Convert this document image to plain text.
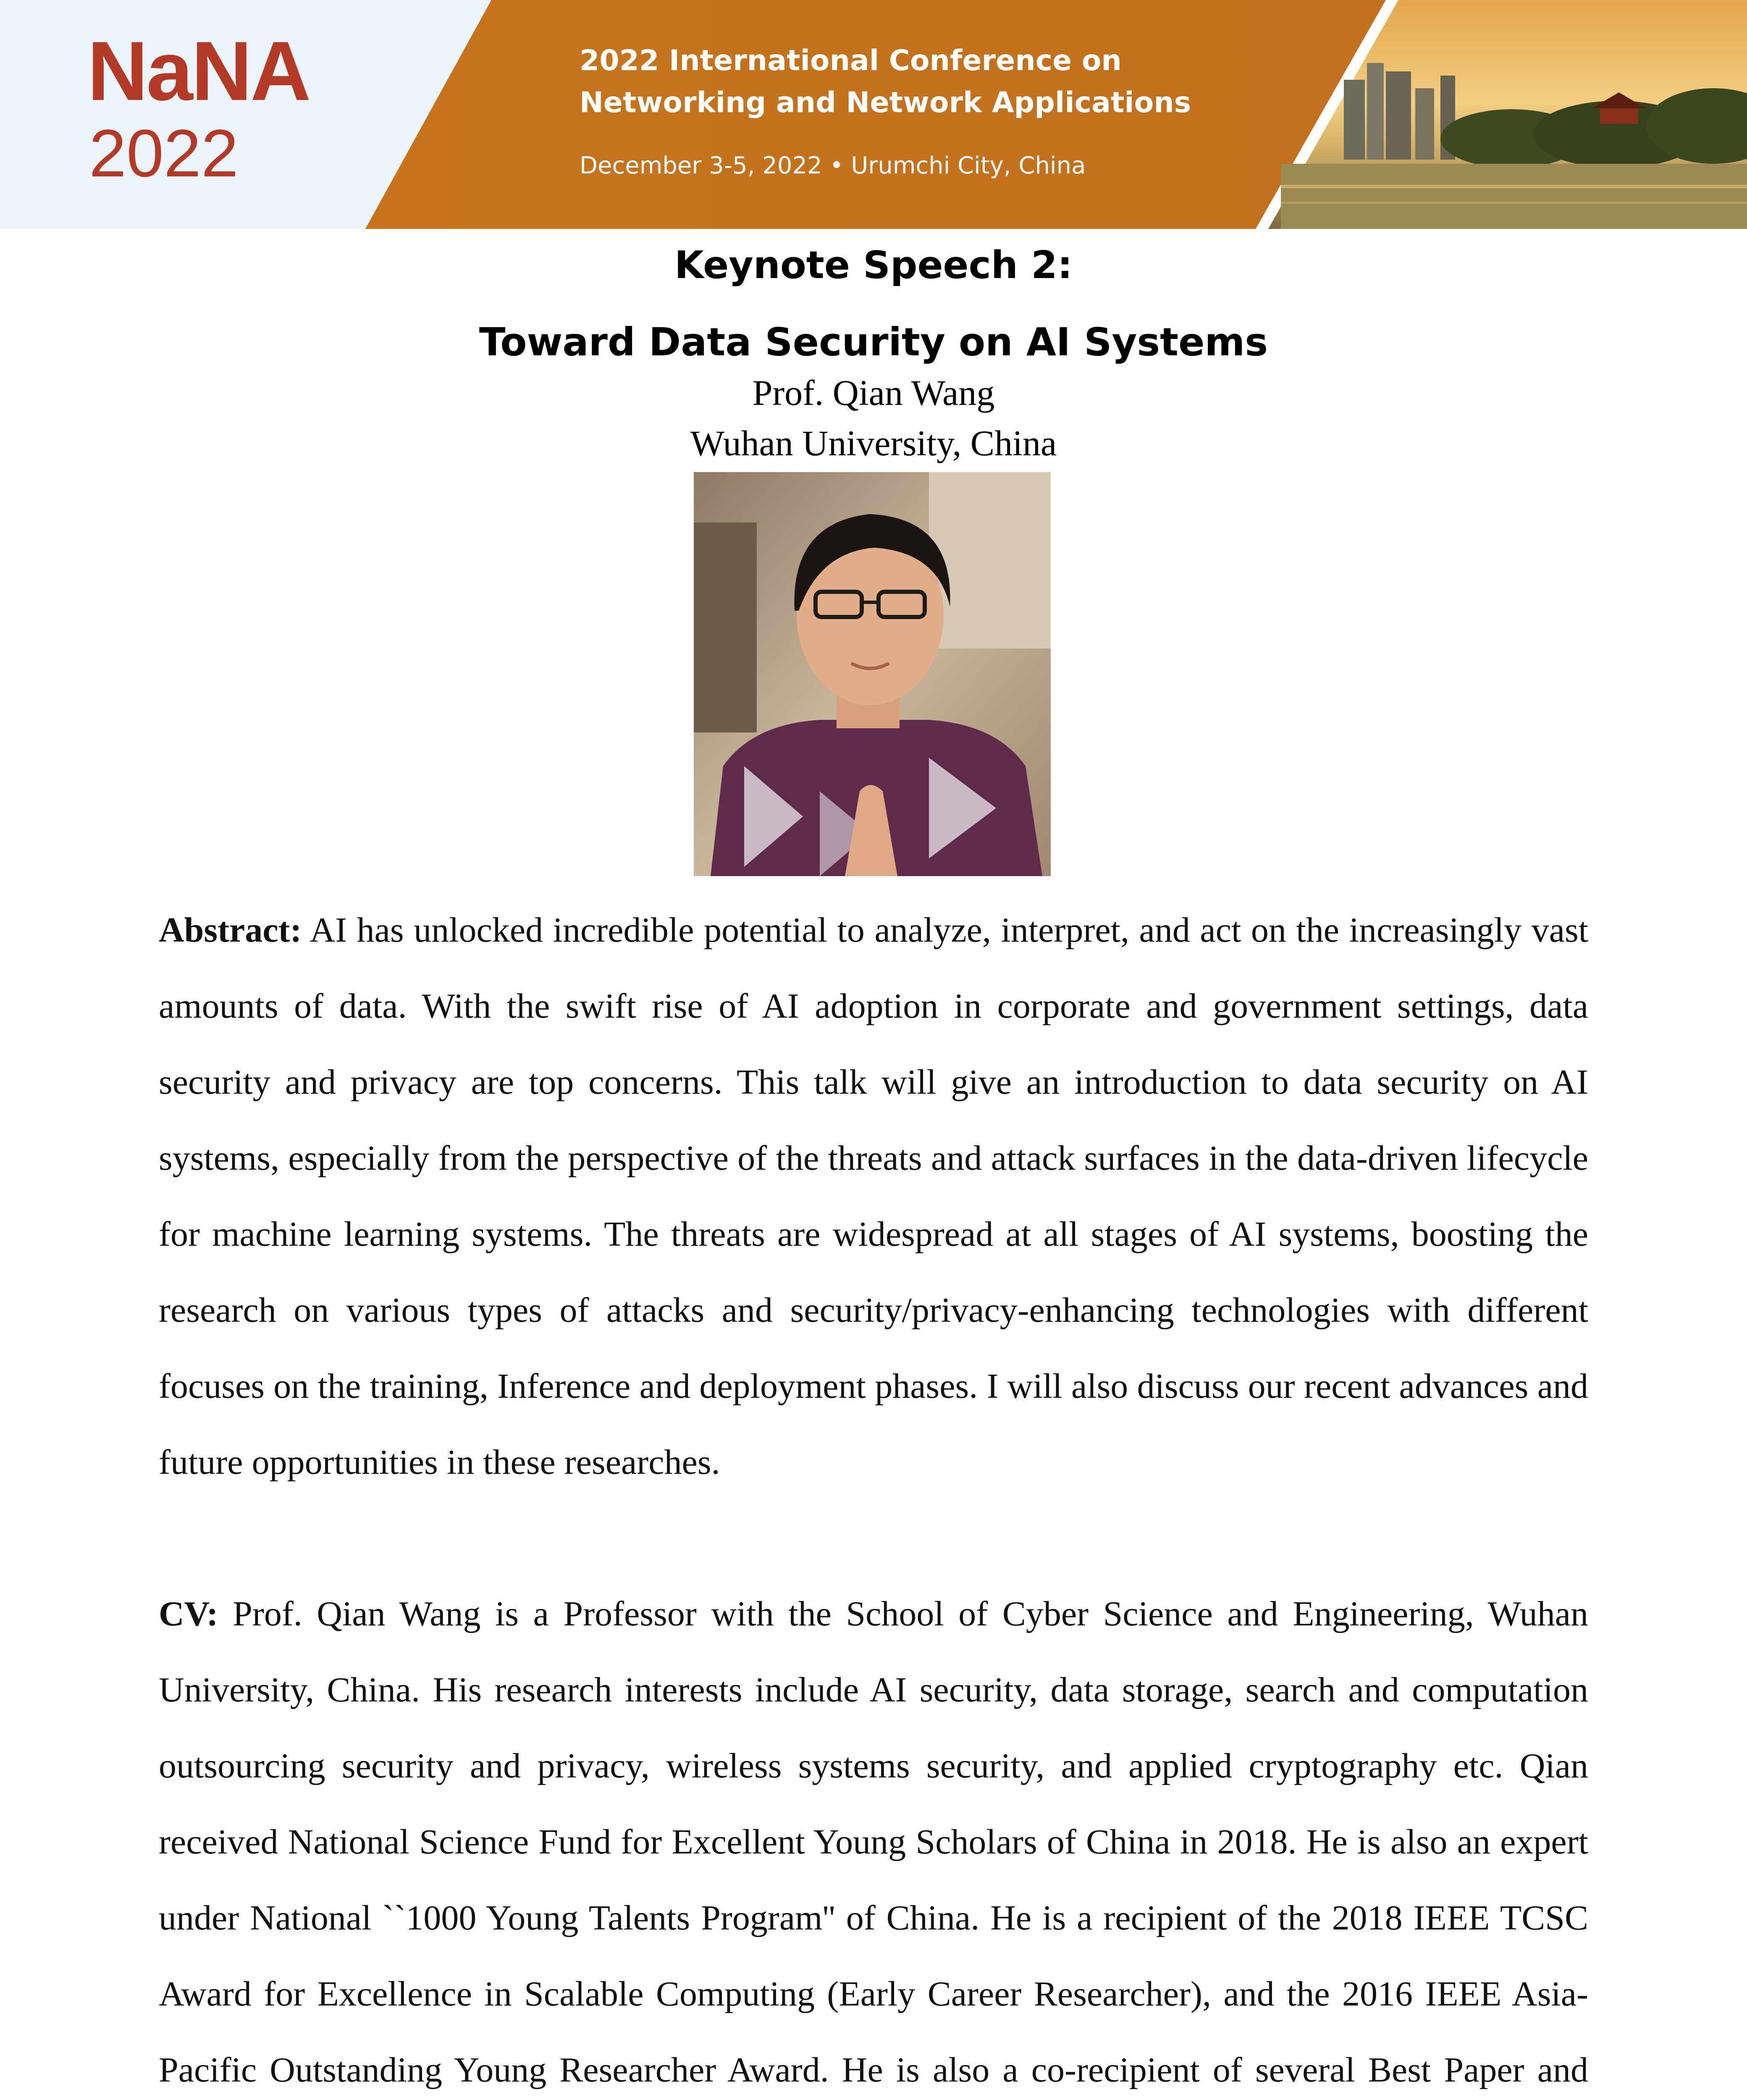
NaNA
2022
2022 International Conference on
Networking and Network Applications
December 3-5, 2022 • Urumchi City, China
Keynote Speech 2:
Toward Data Security on AI Systems
Prof. Qian Wang
Wuhan University, China
Abstract: AI has unlocked incredible potential to analyze, interpret, and act on the increasingly vast amounts of data. With the swift rise of AI adoption in corporate and government settings, data security and privacy are top concerns. This talk will give an introduction to data security on AI systems, especially from the perspective of the threats and attack surfaces in the data-driven lifecycle for machine learning systems. The threats are widespread at all stages of AI systems, boosting the research on various types of attacks and security/privacy-enhancing technologies with different focuses on the training, Inference and deployment phases. I will also discuss our recent advances and future opportunities in these researches.
CV: Prof. Qian Wang is a Professor with the School of Cyber Science and Engineering, Wuhan University, China. His research interests include AI security, data storage, search and computation outsourcing security and privacy, wireless systems security, and applied cryptography etc. Qian received National Science Fund for Excellent Young Scholars of China in 2018. He is also an expert under National ``1000 Young Talents Program'' of China. He is a recipient of the 2018 IEEE TCSC Award for Excellence in Scalable Computing (Early Career Researcher), and the 2016 IEEE Asia-Pacific Outstanding Young Researcher Award. He is also a co-recipient of several Best Paper and
